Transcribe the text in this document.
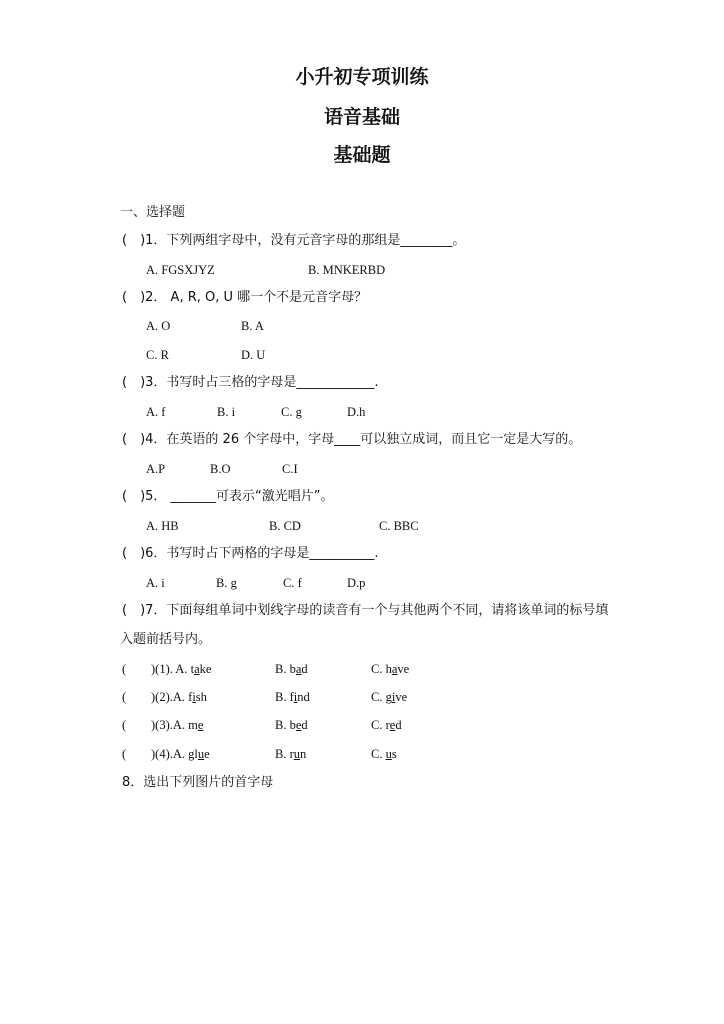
小升初专项训练
语音基础
基础题
一、选择题
(　)1．下列两组字母中，没有元音字母的那组是________。
A. FGSXJYZ	B. MNKERBD
(　)2． A, R, O, U 哪一个不是元音字母？
A. O	B. A
C. R	D. U
(　)3．书写时占三格的字母是____________.
A. f	B. i	C. g	D.h
(　)4．在英语的 26 个字母中，字母____可以独立成词，而且它一定是大写的。
A.P	B.O	C.I
(　)5． _______可表示“激光唱片”。
A. HB	B. CD	C. BBC
(　)6．书写时占下两格的字母是__________.
A. i	B. g	C. f	D.p
(　)7．下面每组单词中划线字母的读音有一个与其他两个不同，请将该单词的标号填
入题前括号内。
( )(1). A. take	B. bad	C. have
( )(2).A. fish	B. find	C. give
( )(3).A. me	B. bed	C. red
( )(4).A. glue	B. run	C. us
8．选出下列图片的首字母
